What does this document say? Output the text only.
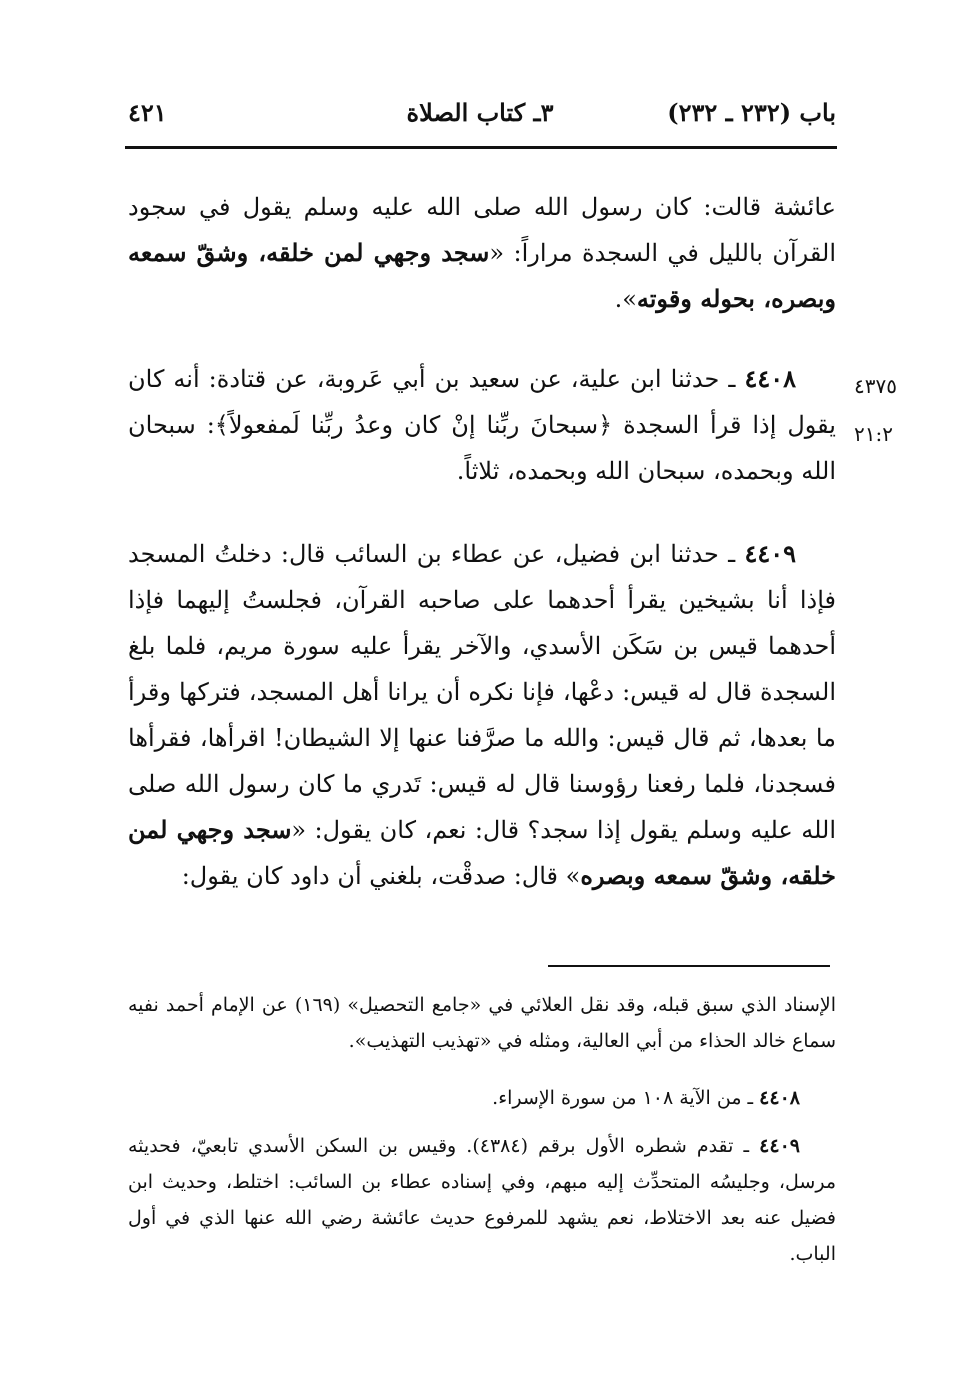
٤٢١	٣ـ كتاب الصلاة	باب (٢٣٢ ـ ٢٣٢)

عائشة قالت: كان رسول الله صلى الله عليه وسلم يقول في سجود القرآن بالليل في السجدة مراراً: «سجد وجهي لمن خلقه، وشقّ سمعه وبصره، بحوله وقوته».

٤٣٧٥
٢١:٢

٤٤٠٨ ـ حدثنا ابن علية، عن سعيد بن أبي عَروبة، عن قتادة: أنه كان يقول إذا قرأ السجدة ﴿سبحانَ ربِّنا إنْ كان وعدُ ربِّنا لَمفعولاً﴾: سبحان الله وبحمده، سبحان الله وبحمده، ثلاثاً.

٤٤٠٩ ـ حدثنا ابن فضيل، عن عطاء بن السائب قال: دخلتُ المسجد فإذا أنا بشيخين يقرأ أحدهما على صاحبه القرآن، فجلستُ إليهما فإذا أحدهما قيس بن سَكَن الأسدي، والآخر يقرأ عليه سورة مريم، فلما بلغ السجدة قال له قيس: دعْها، فإنا نكره أن يرانا أهل المسجد، فتركها وقرأ ما بعدها، ثم قال قيس: والله ما صرَّفنا عنها إلا الشيطان! اقرأها، فقرأها فسجدنا، فلما رفعنا رؤوسنا قال له قيس: تَدري ما كان رسول الله صلى الله عليه وسلم يقول إذا سجد؟ قال: نعم، كان يقول: «سجد وجهي لمن خلقه، وشقّ سمعه وبصره» قال: صدقْت، بلغني أن داود كان يقول:

الإسناد الذي سبق قبله، وقد نقل العلائي في «جامع التحصيل» (١٦٩) عن الإمام أحمد نفيه سماع خالد الحذاء من أبي العالية، ومثله في «تهذيب التهذيب».

٤٤٠٨ ـ من الآية ١٠٨ من سورة الإسراء.

٤٤٠٩ ـ تقدم شطره الأول برقم (٤٣٨٤). وقيس بن السكن الأسدي تابعيّ، فحديثه مرسل، وجليسُه المتحدِّث إليه مبهم، وفي إسناده عطاء بن السائب: اختلط، وحديث ابن فضيل عنه بعد الاختلاط، نعم يشهد للمرفوع حديث عائشة رضي الله عنها الذي في أول الباب.
